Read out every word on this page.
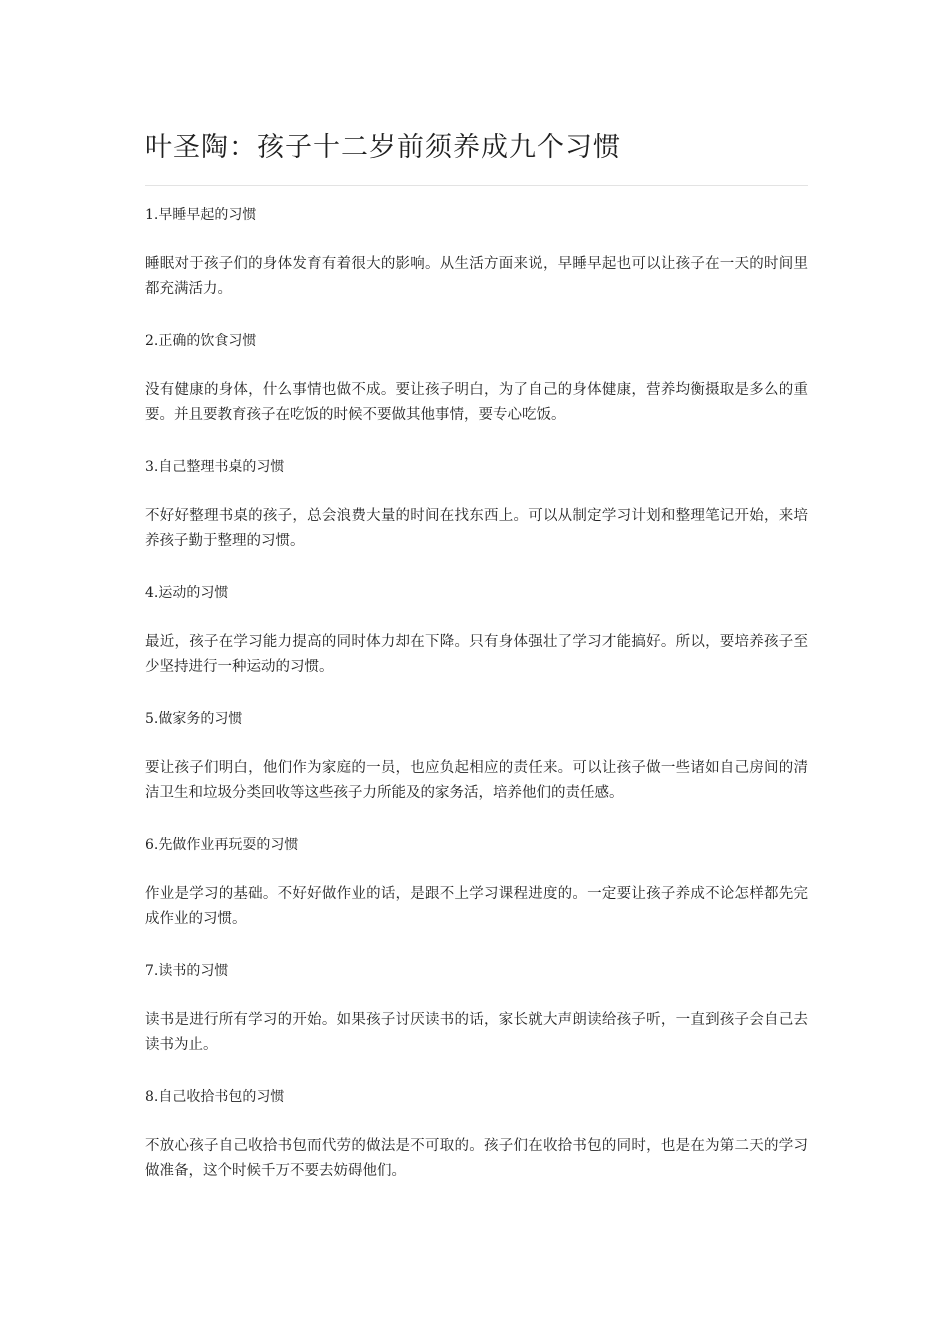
叶圣陶：孩子十二岁前须养成九个习惯

1.早睡早起的习惯

睡眠对于孩子们的身体发育有着很大的影响。从生活方面来说，早睡早起也可以让孩子在一天的时间里都充满活力。

2.正确的饮食习惯

没有健康的身体，什么事情也做不成。要让孩子明白，为了自己的身体健康，营养均衡摄取是多么的重要。并且要教育孩子在吃饭的时候不要做其他事情，要专心吃饭。

3.自己整理书桌的习惯

不好好整理书桌的孩子，总会浪费大量的时间在找东西上。可以从制定学习计划和整理笔记开始，来培养孩子勤于整理的习惯。

4.运动的习惯

最近，孩子在学习能力提高的同时体力却在下降。只有身体强壮了学习才能搞好。所以，要培养孩子至少坚持进行一种运动的习惯。

5.做家务的习惯

要让孩子们明白，他们作为家庭的一员，也应负起相应的责任来。可以让孩子做一些诸如自己房间的清洁卫生和垃圾分类回收等这些孩子力所能及的家务活，培养他们的责任感。

6.先做作业再玩耍的习惯

作业是学习的基础。不好好做作业的话，是跟不上学习课程进度的。一定要让孩子养成不论怎样都先完成作业的习惯。

7.读书的习惯

读书是进行所有学习的开始。如果孩子讨厌读书的话，家长就大声朗读给孩子听，一直到孩子会自己去读书为止。

8.自己收拾书包的习惯

不放心孩子自己收拾书包而代劳的做法是不可取的。孩子们在收拾书包的同时，也是在为第二天的学习做准备，这个时候千万不要去妨碍他们。
